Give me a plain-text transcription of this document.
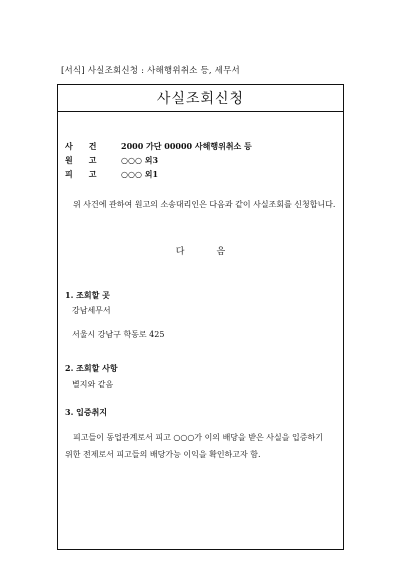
[서식] 사실조회신청 : 사해행위취소 등, 세무서
사실조회신청
사　　건	2000 가단 00000 사해행위취소 등
원　　고	○○○ 외3
피　　고	○○○ 외1
위 사건에 관하여 원고의 소송대리인은 다음과 같이 사실조회를 신청합니다.
다음
1. 조회할 곳
강남세무서
서울시 강남구 학동로 425
2. 조회할 사항
별지와 같음
3. 입증취지
피고들이 동업관계로서 피고 ○○○가 이의 배당을 받은 사실을 입증하기 위한 전제로서 피고들의 배당가능 이익을 확인하고자 함.
